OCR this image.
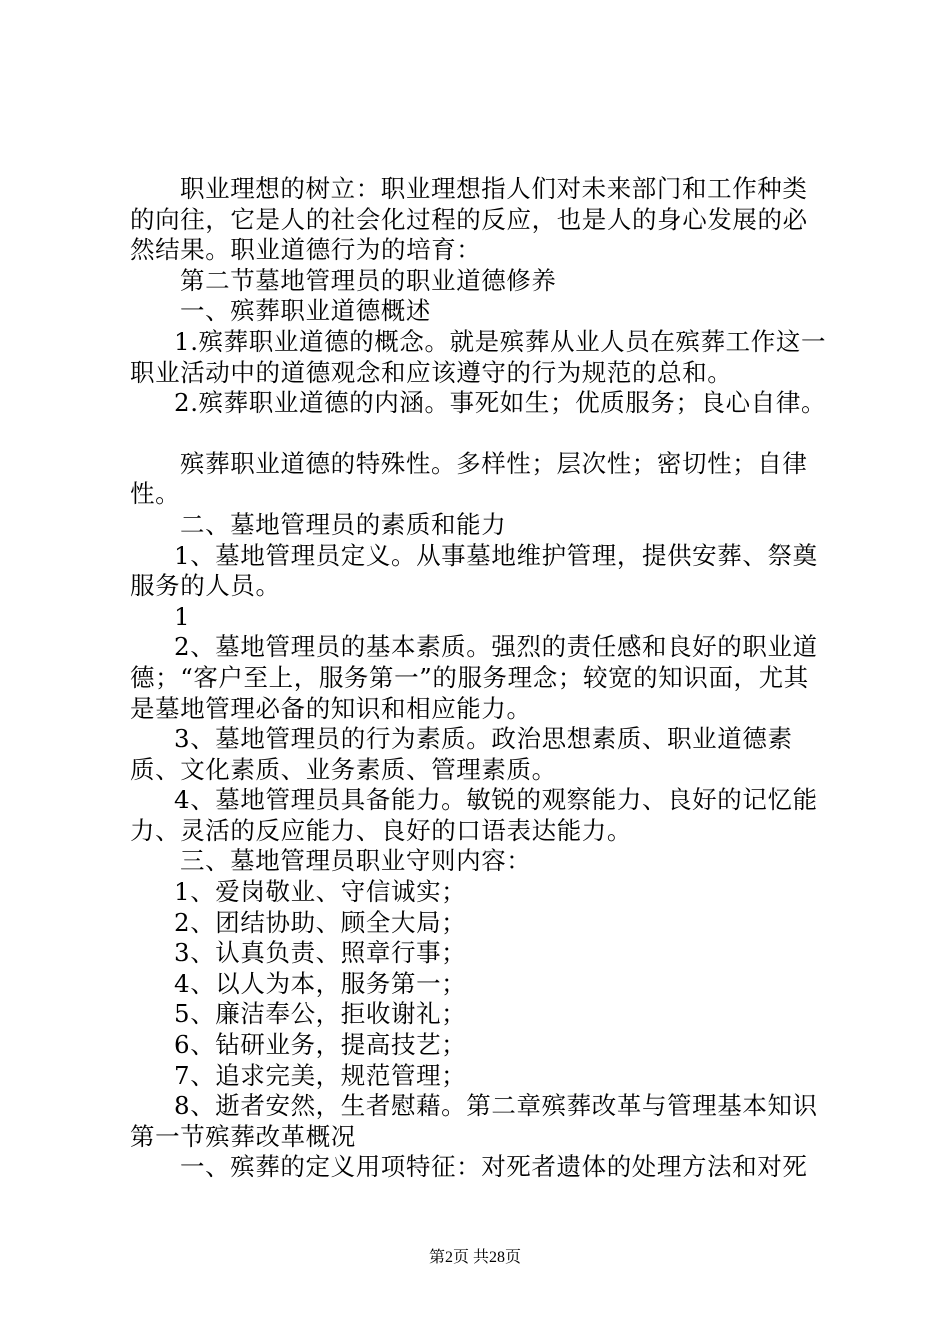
职业理想的树立：职业理想指人们对未来部门和工作种类的向往，它是人的社会化过程的反应，也是人的身心发展的必然结果。职业道德行为的培育：

第二节墓地管理员的职业道德修养

一、殡葬职业道德概述

1.殡葬职业道德的概念。就是殡葬从业人员在殡葬工作这一职业活动中的道德观念和应该遵守的行为规范的总和。

2.殡葬职业道德的内涵。事死如生；优质服务；良心自律。

殡葬职业道德的特殊性。多样性；层次性；密切性；自律性。

二、墓地管理员的素质和能力

1、墓地管理员定义。从事墓地维护管理，提供安葬、祭奠服务的人员。

1

2、墓地管理员的基本素质。强烈的责任感和良好的职业道德；“客户至上，服务第一”的服务理念；较宽的知识面，尤其是墓地管理必备的知识和相应能力。

3、墓地管理员的行为素质。政治思想素质、职业道德素质、文化素质、业务素质、管理素质。

4、墓地管理员具备能力。敏锐的观察能力、良好的记忆能力、灵活的反应能力、良好的口语表达能力。

三、墓地管理员职业守则内容：

1、爱岗敬业、守信诚实；

2、团结协助、顾全大局；

3、认真负责、照章行事；

4、以人为本，服务第一；

5、廉洁奉公，拒收谢礼；

6、钻研业务，提高技艺；

7、追求完美，规范管理；

8、逝者安然，生者慰藉。第二章殡葬改革与管理基本知识第一节殡葬改革概况

一、殡葬的定义用项特征：对死者遗体的处理方法和对死

第2页 共28页
